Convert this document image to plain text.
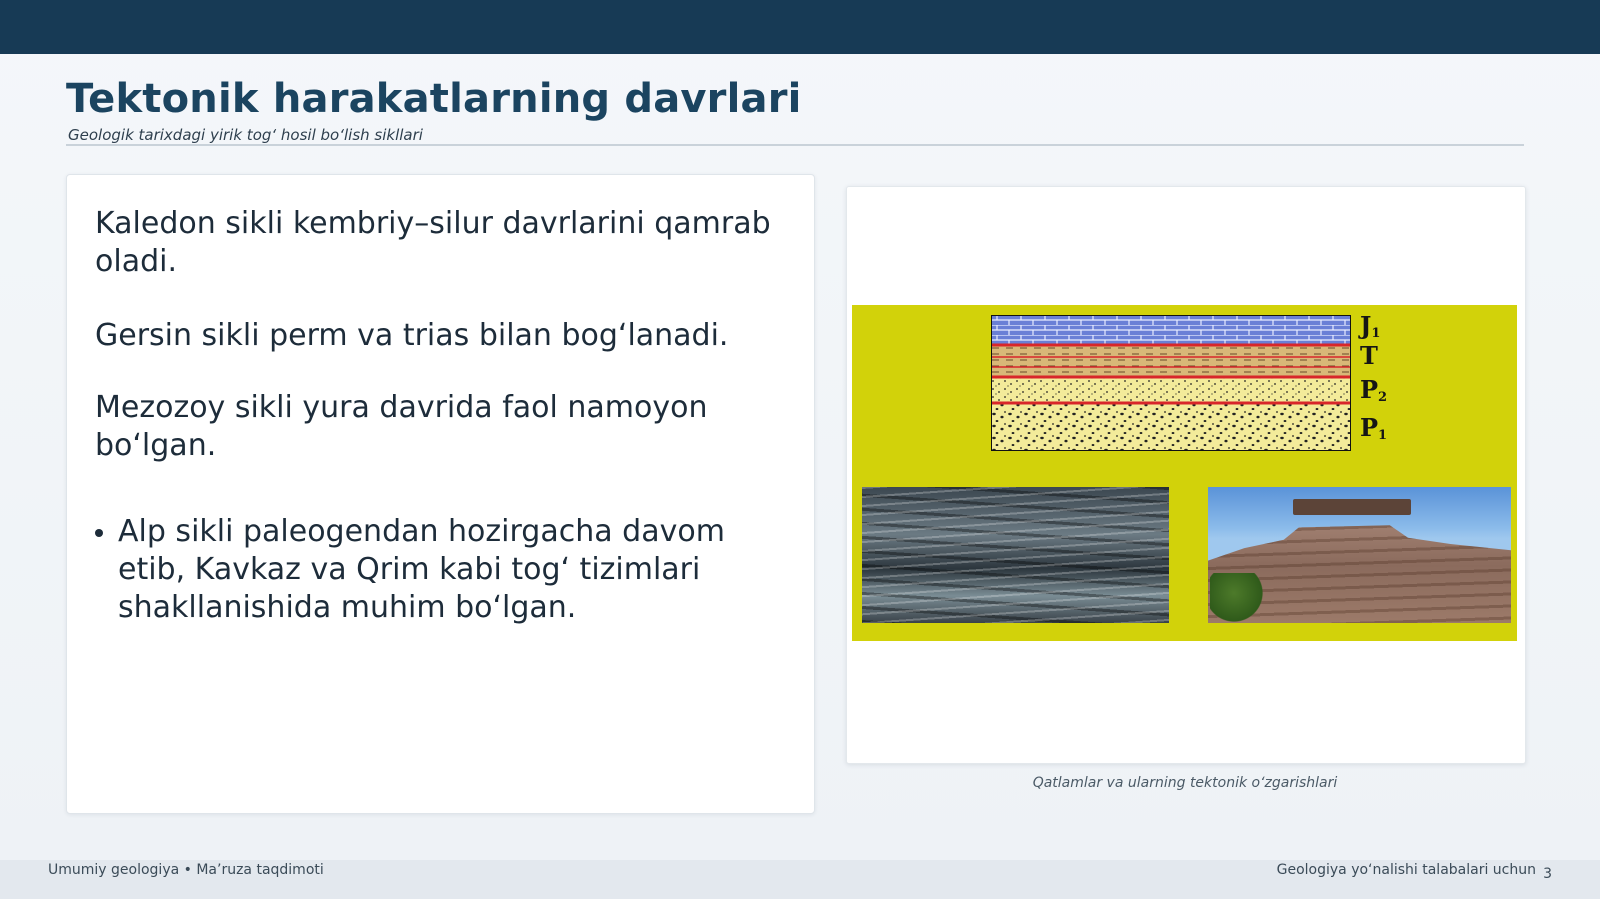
Tektonik harakatlarning davrlari

Geologik tarixdagi yirik tog‘ hosil bo‘lish sikllari

Kaledon sikli kembriy–silur davrlarini qamrab oladi.

Gersin sikli perm va trias bilan bog‘lanadi.

Mezozoy sikli yura davrida faol namoyon bo‘lgan.

Alp sikli paleogendan hozirgacha davom etib, Kavkaz va Qrim kabi tog‘ tizimlari shakllanishida muhim bo‘lgan.

$J_1$

T

$P_2$

$P_1$

Qatlamlar va ularning tektonik o‘zgarishlari

Umumiy geologiya • Ma’ruza taqdimoti	Geologiya yo‘nalishi talabalari uchun 3
